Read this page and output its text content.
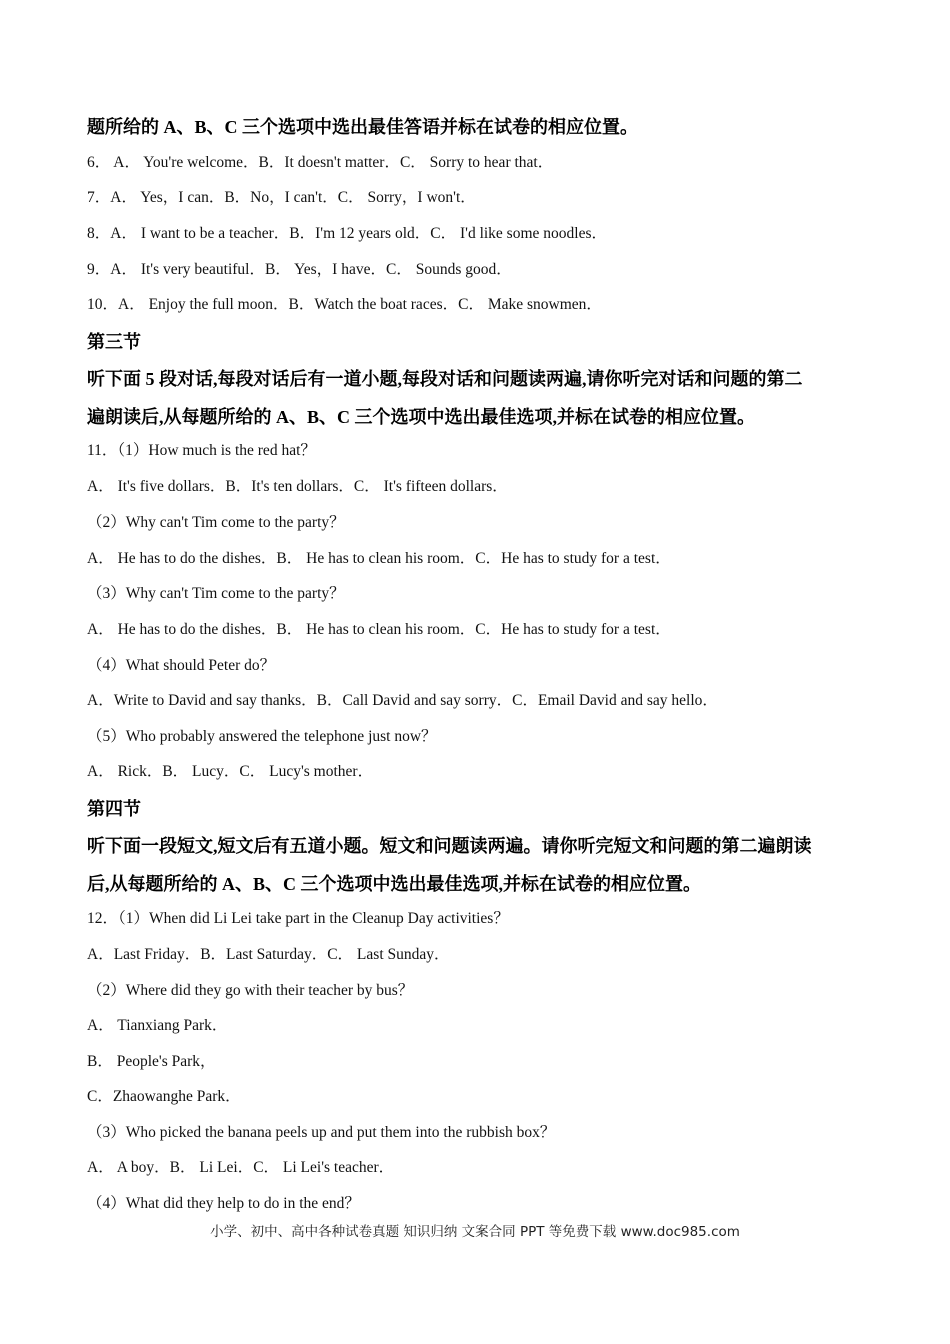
题所给的 A、B、C 三个选项中选出最佳答语并标在试卷的相应位置。
6． A． You're welcome．B．It doesn't matter．C． Sorry to hear that．
7．A． Yes，I can．B．No，I can't．C． Sorry，I won't．
8．A． I want to be a teacher．B．I'm 12 years old．C． I'd like some noodles．
9．A． It's very beautiful．B． Yes，I have．C． Sounds good．
10．A． Enjoy the full moon．B．Watch the boat races．C． Make snowmen．
第三节
听下面 5 段对话,每段对话后有一道小题,每段对话和问题读两遍,请你听完对话和问题的第二
遍朗读后,从每题所给的 A、B、C 三个选项中选出最佳选项,并标在试卷的相应位置。
11．（1）How much is the red hat？
A． It's five dollars．B．It's ten dollars．C． It's fifteen dollars．
（2）Why can't Tim come to the party？
A． He has to do the dishes．B． He has to clean his room．C．He has to study for a test．
（3）Why can't Tim come to the party？
A． He has to do the dishes．B． He has to clean his room．C．He has to study for a test．
（4）What should Peter do？
A．Write to David and say thanks．B．Call David and say sorry．C．Email David and say hello．
（5）Who probably answered the telephone just now？
A． Rick．B． Lucy．C． Lucy's mother．
第四节
听下面一段短文,短文后有五道小题。短文和问题读两遍。请你听完短文和问题的第二遍朗读
后,从每题所给的 A、B、C 三个选项中选出最佳选项,并标在试卷的相应位置。
12．（1）When did Li Lei take part in the Cleanup Day activities？
A．Last Friday．B．Last Saturday．C． Last Sunday．
（2）Where did they go with their teacher by bus？
A． Tianxiang Park．
B． People's Park，
C．Zhaowanghe Park．
（3）Who picked the banana peels up and put them into the rubbish box？
A． A boy．B． Li Lei．C． Li Lei's teacher．
（4）What did they help to do in the end？
小学、初中、高中各种试卷真题 知识归纳 文案合同 PPT 等免费下载 www.doc985.com
